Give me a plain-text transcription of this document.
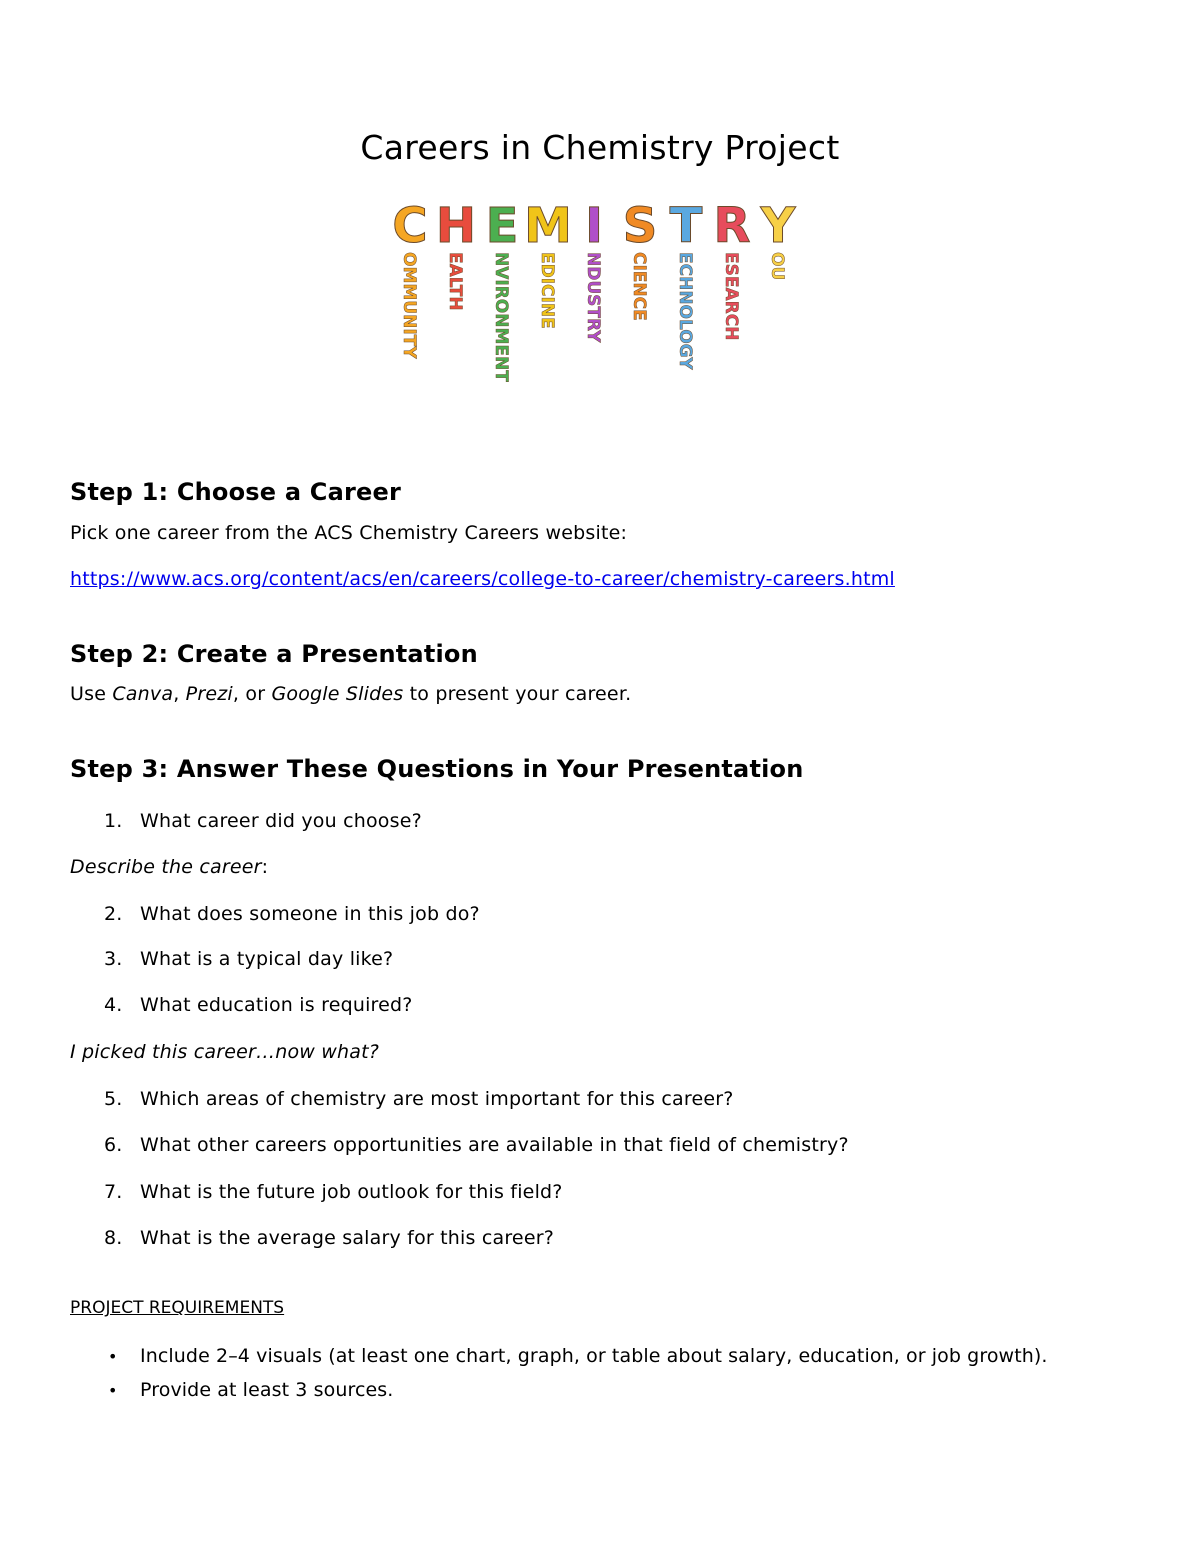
Careers in Chemistry Project
C
OMMUNITY
H
EALTH
E
NVIRONMENT
M
EDICINE
I
NDUSTRY
S
CIENCE
T
ECHNOLOGY
R
ESEARCH
Y
OU
Step 1: Choose a Career
Pick one career from the ACS Chemistry Careers website:
https://www.acs.org/content/acs/en/careers/college-to-career/chemistry-careers.html
Step 2: Create a Presentation
Use Canva, Prezi, or Google Slides to present your career.
Step 3: Answer These Questions in Your Presentation
1. What career did you choose?
Describe the career:
2. What does someone in this job do?
3. What is a typical day like?
4. What education is required?
I picked this career…now what?
5. Which areas of chemistry are most important for this career?
6. What other careers opportunities are available in that field of chemistry?
7. What is the future job outlook for this field?
8. What is the average salary for this career?
PROJECT REQUIREMENTS
• Include 2–4 visuals (at least one chart, graph, or table about salary, education, or job growth).
• Provide at least 3 sources.
